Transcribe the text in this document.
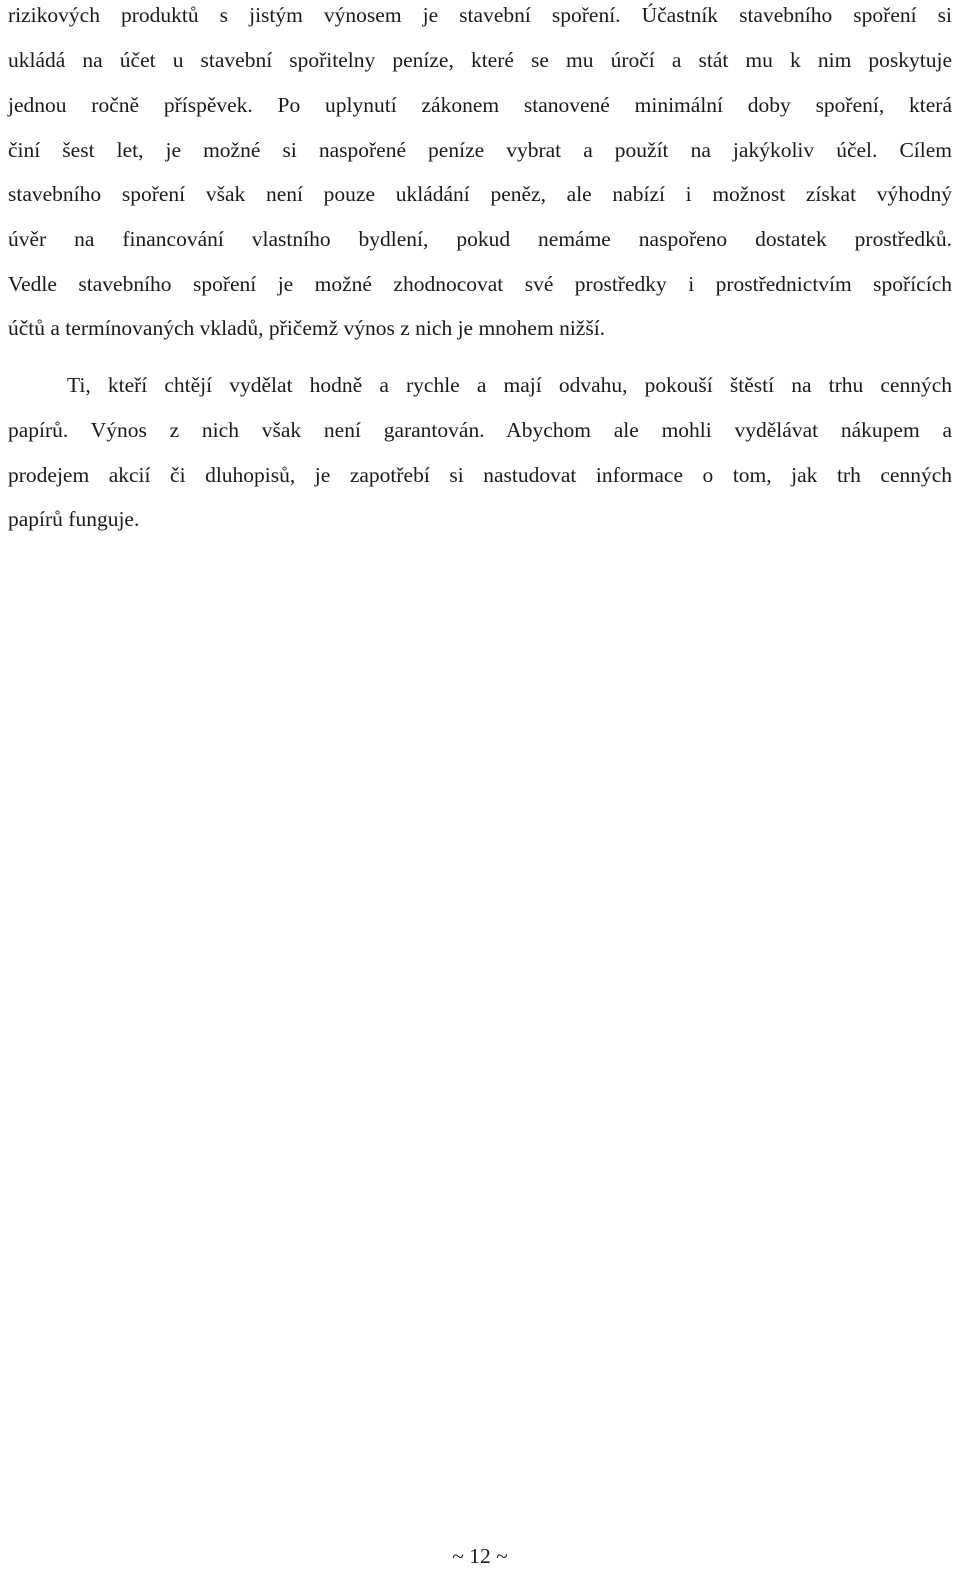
rizikových produktů s jistým výnosem je stavební spoření. Účastník stavebního spoření si
ukládá na účet u stavební spořitelny peníze, které se mu úročí a stát mu k nim poskytuje
jednou ročně příspěvek. Po uplynutí zákonem stanovené minimální doby spoření, která
činí šest let, je možné si naspořené peníze vybrat a použít na jakýkoliv účel. Cílem
stavebního spoření však není pouze ukládání peněz, ale nabízí i možnost získat výhodný
úvěr na financování vlastního bydlení, pokud nemáme naspořeno dostatek prostředků.
Vedle stavebního spoření je možné zhodnocovat své prostředky i prostřednictvím spořících
účtů a termínovaných vkladů, přičemž výnos z nich je mnohem nižší.
Ti, kteří chtějí vydělat hodně a rychle a mají odvahu, pokouší štěstí na trhu cenných
papírů. Výnos z nich však není garantován. Abychom ale mohli vydělávat nákupem a
prodejem akcií či dluhopisů, je zapotřebí si nastudovat informace o tom, jak trh cenných
papírů funguje.
~ 12 ~
